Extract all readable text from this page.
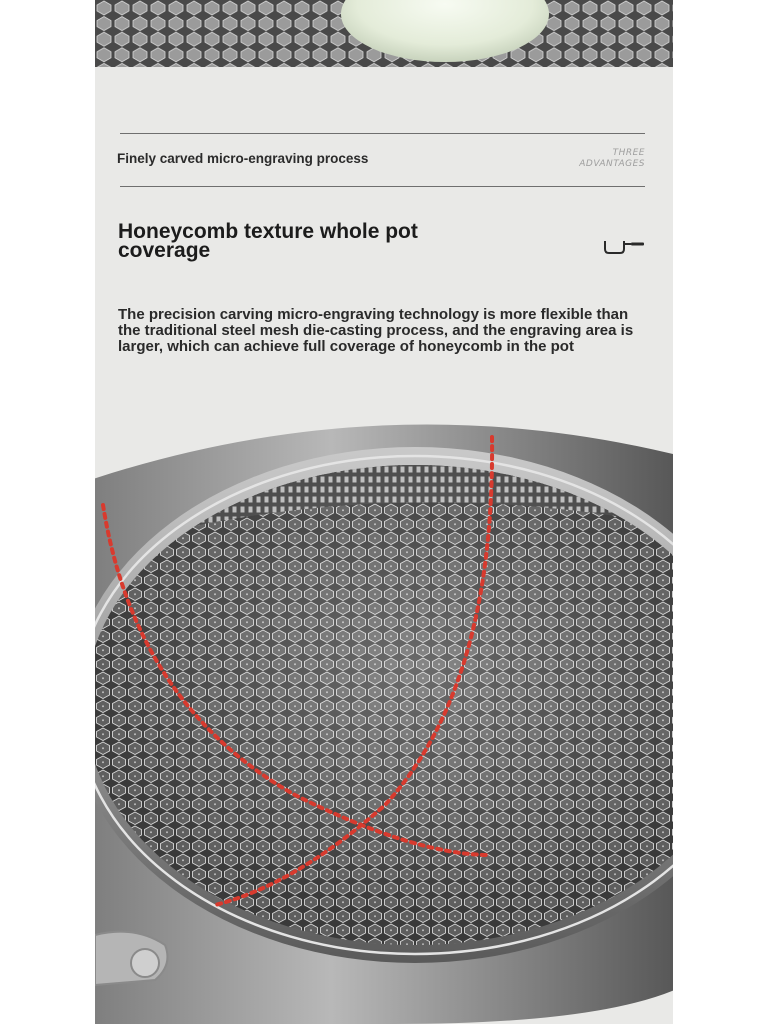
Finely carved micro-engraving process	THREE
ADVANTAGES
Honeycomb texture whole pot
coverage
The precision carving micro-engraving technology is more flexible than
the traditional steel mesh die-casting process, and the engraving area is
larger, which can achieve full coverage of honeycomb in the pot
